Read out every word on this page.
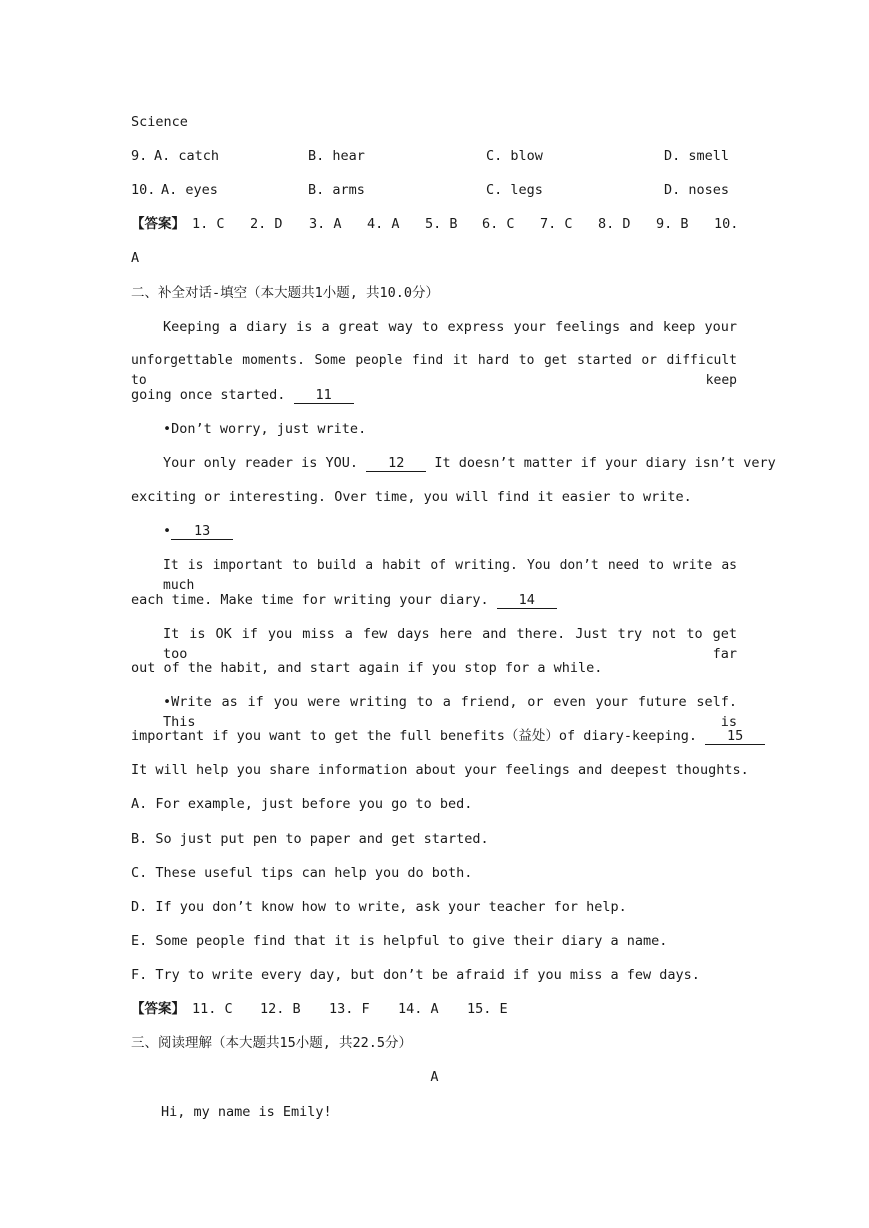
Science
9. A. catch	B. hear	C. blow	D. smell
10. A. eyes	B. arms	C. legs	D. noses
【答案】 1. C 2. D 3. A 4. A 5. B 6. C 7. C 8. D 9. B 10.
A
二、补全对话-填空（本大题共1小题, 共10.0分）
Keeping a diary is a great way to express your feelings and keep your
unforgettable moments. Some people find it hard to get started or difficult to keep
going once started. 11
•Don’t worry, just write.
Your only reader is YOU. 12 It doesn’t matter if your diary isn’t very
exciting or interesting. Over time, you will find it easier to write.
• 13
It is important to build a habit of writing. You don’t need to write as much
each time. Make time for writing your diary. 14
It is OK if you miss a few days here and there. Just try not to get too far
out of the habit, and start again if you stop for a while.
•Write as if you were writing to a friend, or even your future self. This is
important if you want to get the full benefits（益处）of diary-keeping. 15
It will help you share information about your feelings and deepest thoughts.
A. For example, just before you go to bed.
B. So just put pen to paper and get started.
C. These useful tips can help you do both.
D. If you don’t know how to write, ask your teacher for help.
E. Some people find that it is helpful to give their diary a name.
F. Try to write every day, but don’t be afraid if you miss a few days.
【答案】 11. C 12. B 13. F 14. A 15. E
三、阅读理解（本大题共15小题, 共22.5分）
A
Hi, my name is Emily!
